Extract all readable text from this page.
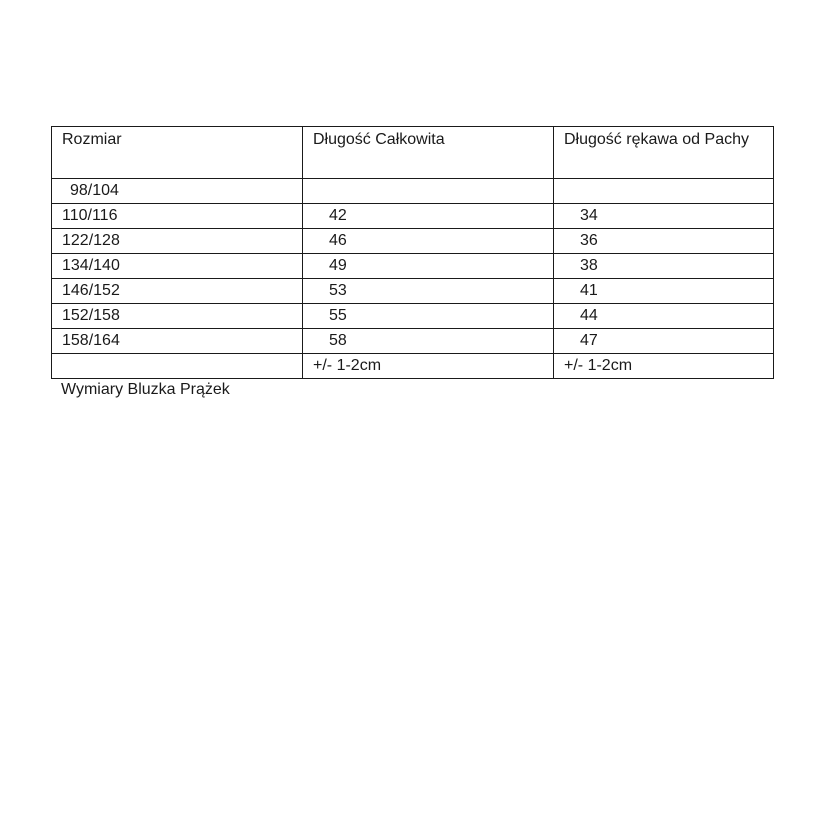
Rozmiar	Długość Całkowita	Długość rękawa od Pachy
98/104		
110/116	42	34
122/128	46	36
134/140	49	38
146/152	53	41
152/158	55	44
158/164	58	47
	+/- 1-2cm	+/- 1-2cm
Wymiary Bluzka Prążek
